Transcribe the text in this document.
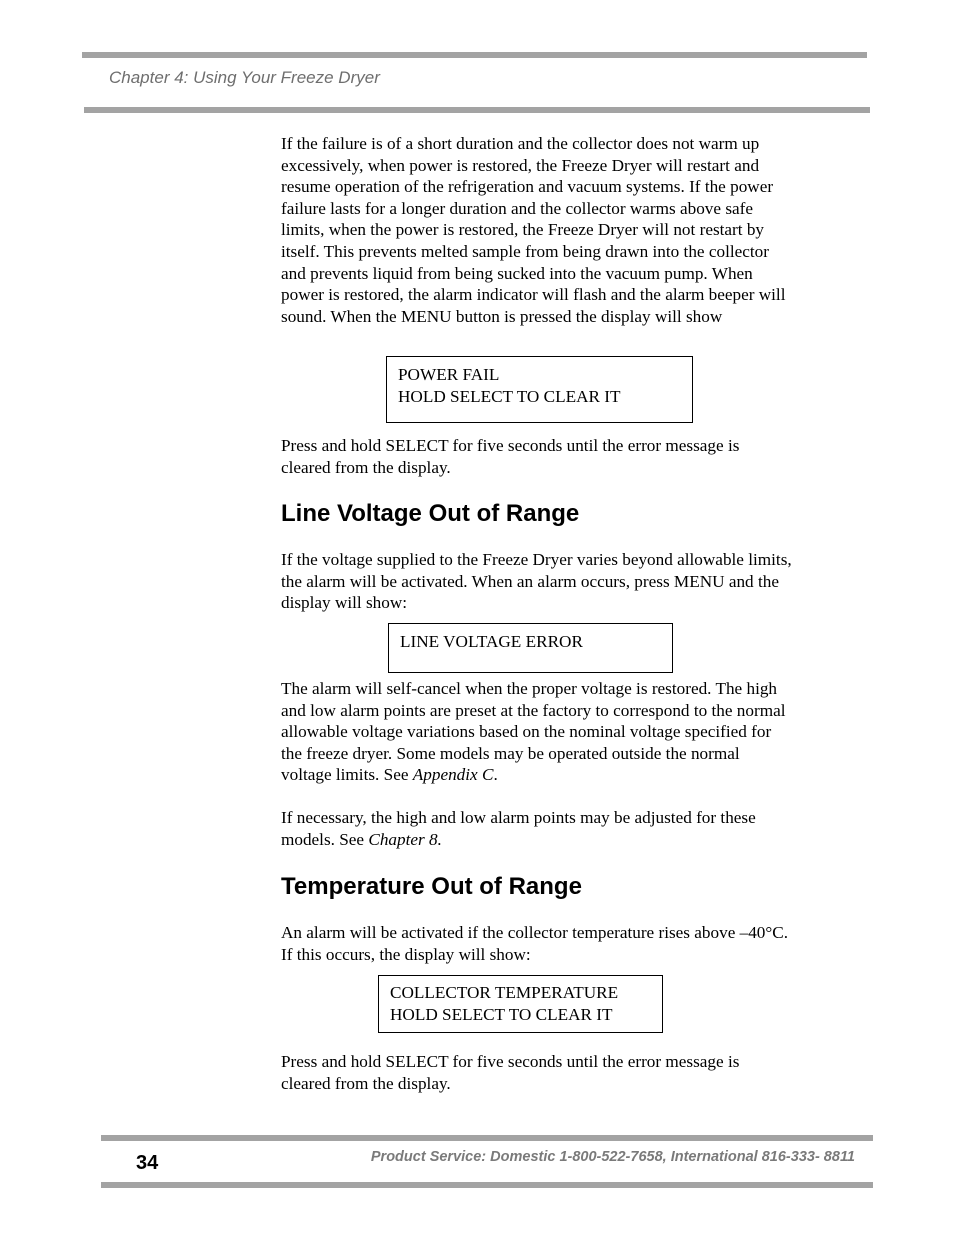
Chapter 4: Using Your Freeze Dryer

If the failure is of a short duration and the collector does not warm up excessively, when power is restored, the Freeze Dryer will restart and resume operation of the refrigeration and vacuum systems. If the power failure lasts for a longer duration and the collector warms above safe limits, when the power is restored, the Freeze Dryer will not restart by itself. This prevents melted sample from being drawn into the collector and prevents liquid from being sucked into the vacuum pump. When power is restored, the alarm indicator will flash and the alarm beeper will sound. When the MENU button is pressed the display will show

POWER FAIL
HOLD SELECT TO CLEAR IT

Press and hold SELECT for five seconds until the error message is cleared from the display.

Line Voltage Out of Range

If the voltage supplied to the Freeze Dryer varies beyond allowable limits, the alarm will be activated. When an alarm occurs, press MENU and the display will show:

LINE VOLTAGE ERROR

The alarm will self-cancel when the proper voltage is restored. The high and low alarm points are preset at the factory to correspond to the normal allowable voltage variations based on the nominal voltage specified for the freeze dryer. Some models may be operated outside the normal voltage limits. See Appendix C.

If necessary, the high and low alarm points may be adjusted for these models. See Chapter 8.

Temperature Out of Range

An alarm will be activated if the collector temperature rises above –40°C. If this occurs, the display will show:

COLLECTOR TEMPERATURE
HOLD SELECT TO CLEAR IT

Press and hold SELECT for five seconds until the error message is cleared from the display.

34	Product Service: Domestic 1-800-522-7658, International 816-333- 8811
